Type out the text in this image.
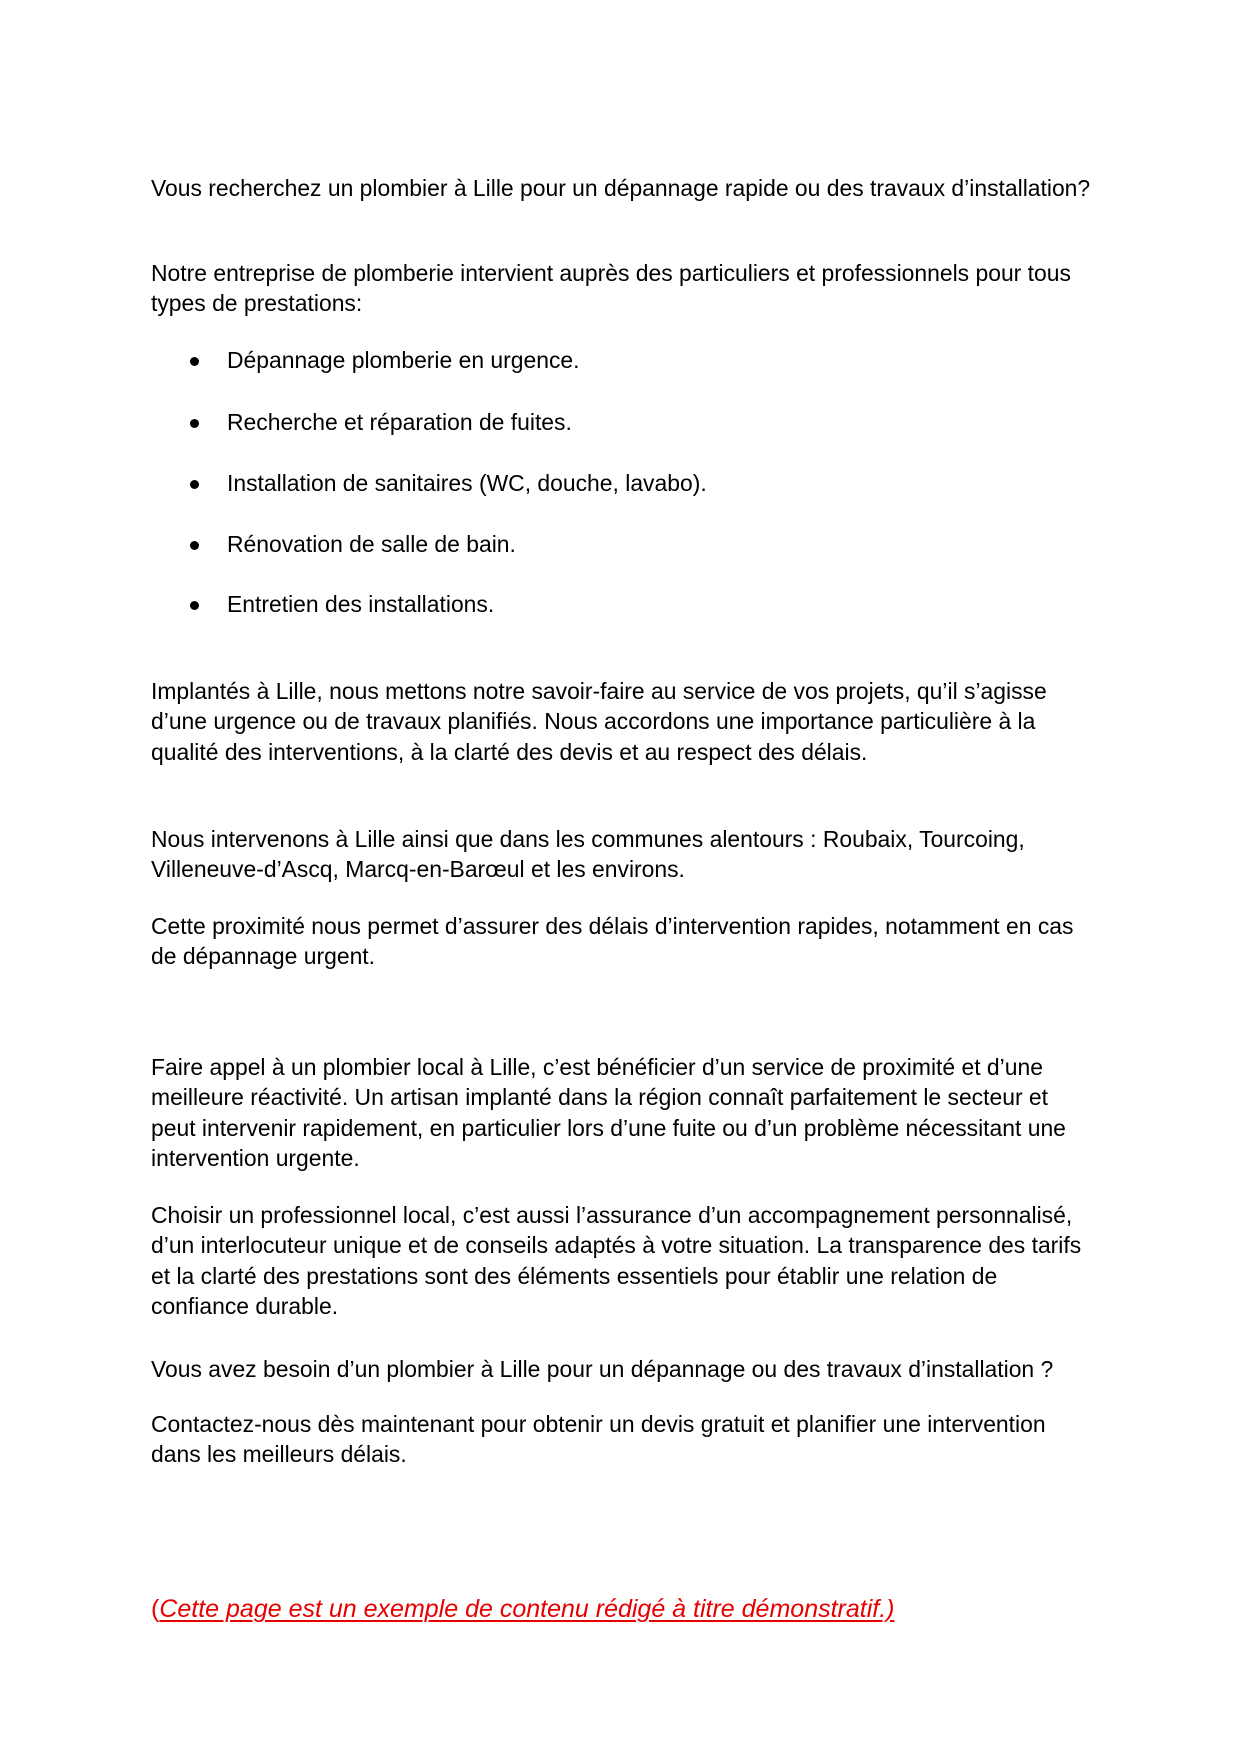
Vous recherchez un plombier à Lille pour un dépannage rapide ou des travaux d’installation?
Notre entreprise de plomberie intervient auprès des particuliers et professionnels pour tous
types de prestations:
Dépannage plomberie en urgence.
Recherche et réparation de fuites.
Installation de sanitaires (WC, douche, lavabo).
Rénovation de salle de bain.
Entretien des installations.
Implantés à Lille, nous mettons notre savoir-faire au service de vos projets, qu’il s’agisse
d’une urgence ou de travaux planifiés. Nous accordons une importance particulière à la
qualité des interventions, à la clarté des devis et au respect des délais.
Nous intervenons à Lille ainsi que dans les communes alentours : Roubaix, Tourcoing,
Villeneuve-d’Ascq, Marcq-en-Barœul et les environs.
Cette proximité nous permet d’assurer des délais d’intervention rapides, notamment en cas
de dépannage urgent.
Faire appel à un plombier local à Lille, c’est bénéficier d’un service de proximité et d’une
meilleure réactivité. Un artisan implanté dans la région connaît parfaitement le secteur et
peut intervenir rapidement, en particulier lors d’une fuite ou d’un problème nécessitant une
intervention urgente.
Choisir un professionnel local, c’est aussi l’assurance d’un accompagnement personnalisé,
d’un interlocuteur unique et de conseils adaptés à votre situation. La transparence des tarifs
et la clarté des prestations sont des éléments essentiels pour établir une relation de
confiance durable.
Vous avez besoin d’un plombier à Lille pour un dépannage ou des travaux d’installation ?
Contactez-nous dès maintenant pour obtenir un devis gratuit et planifier une intervention
dans les meilleurs délais.
(Cette page est un exemple de contenu rédigé à titre démonstratif.)
